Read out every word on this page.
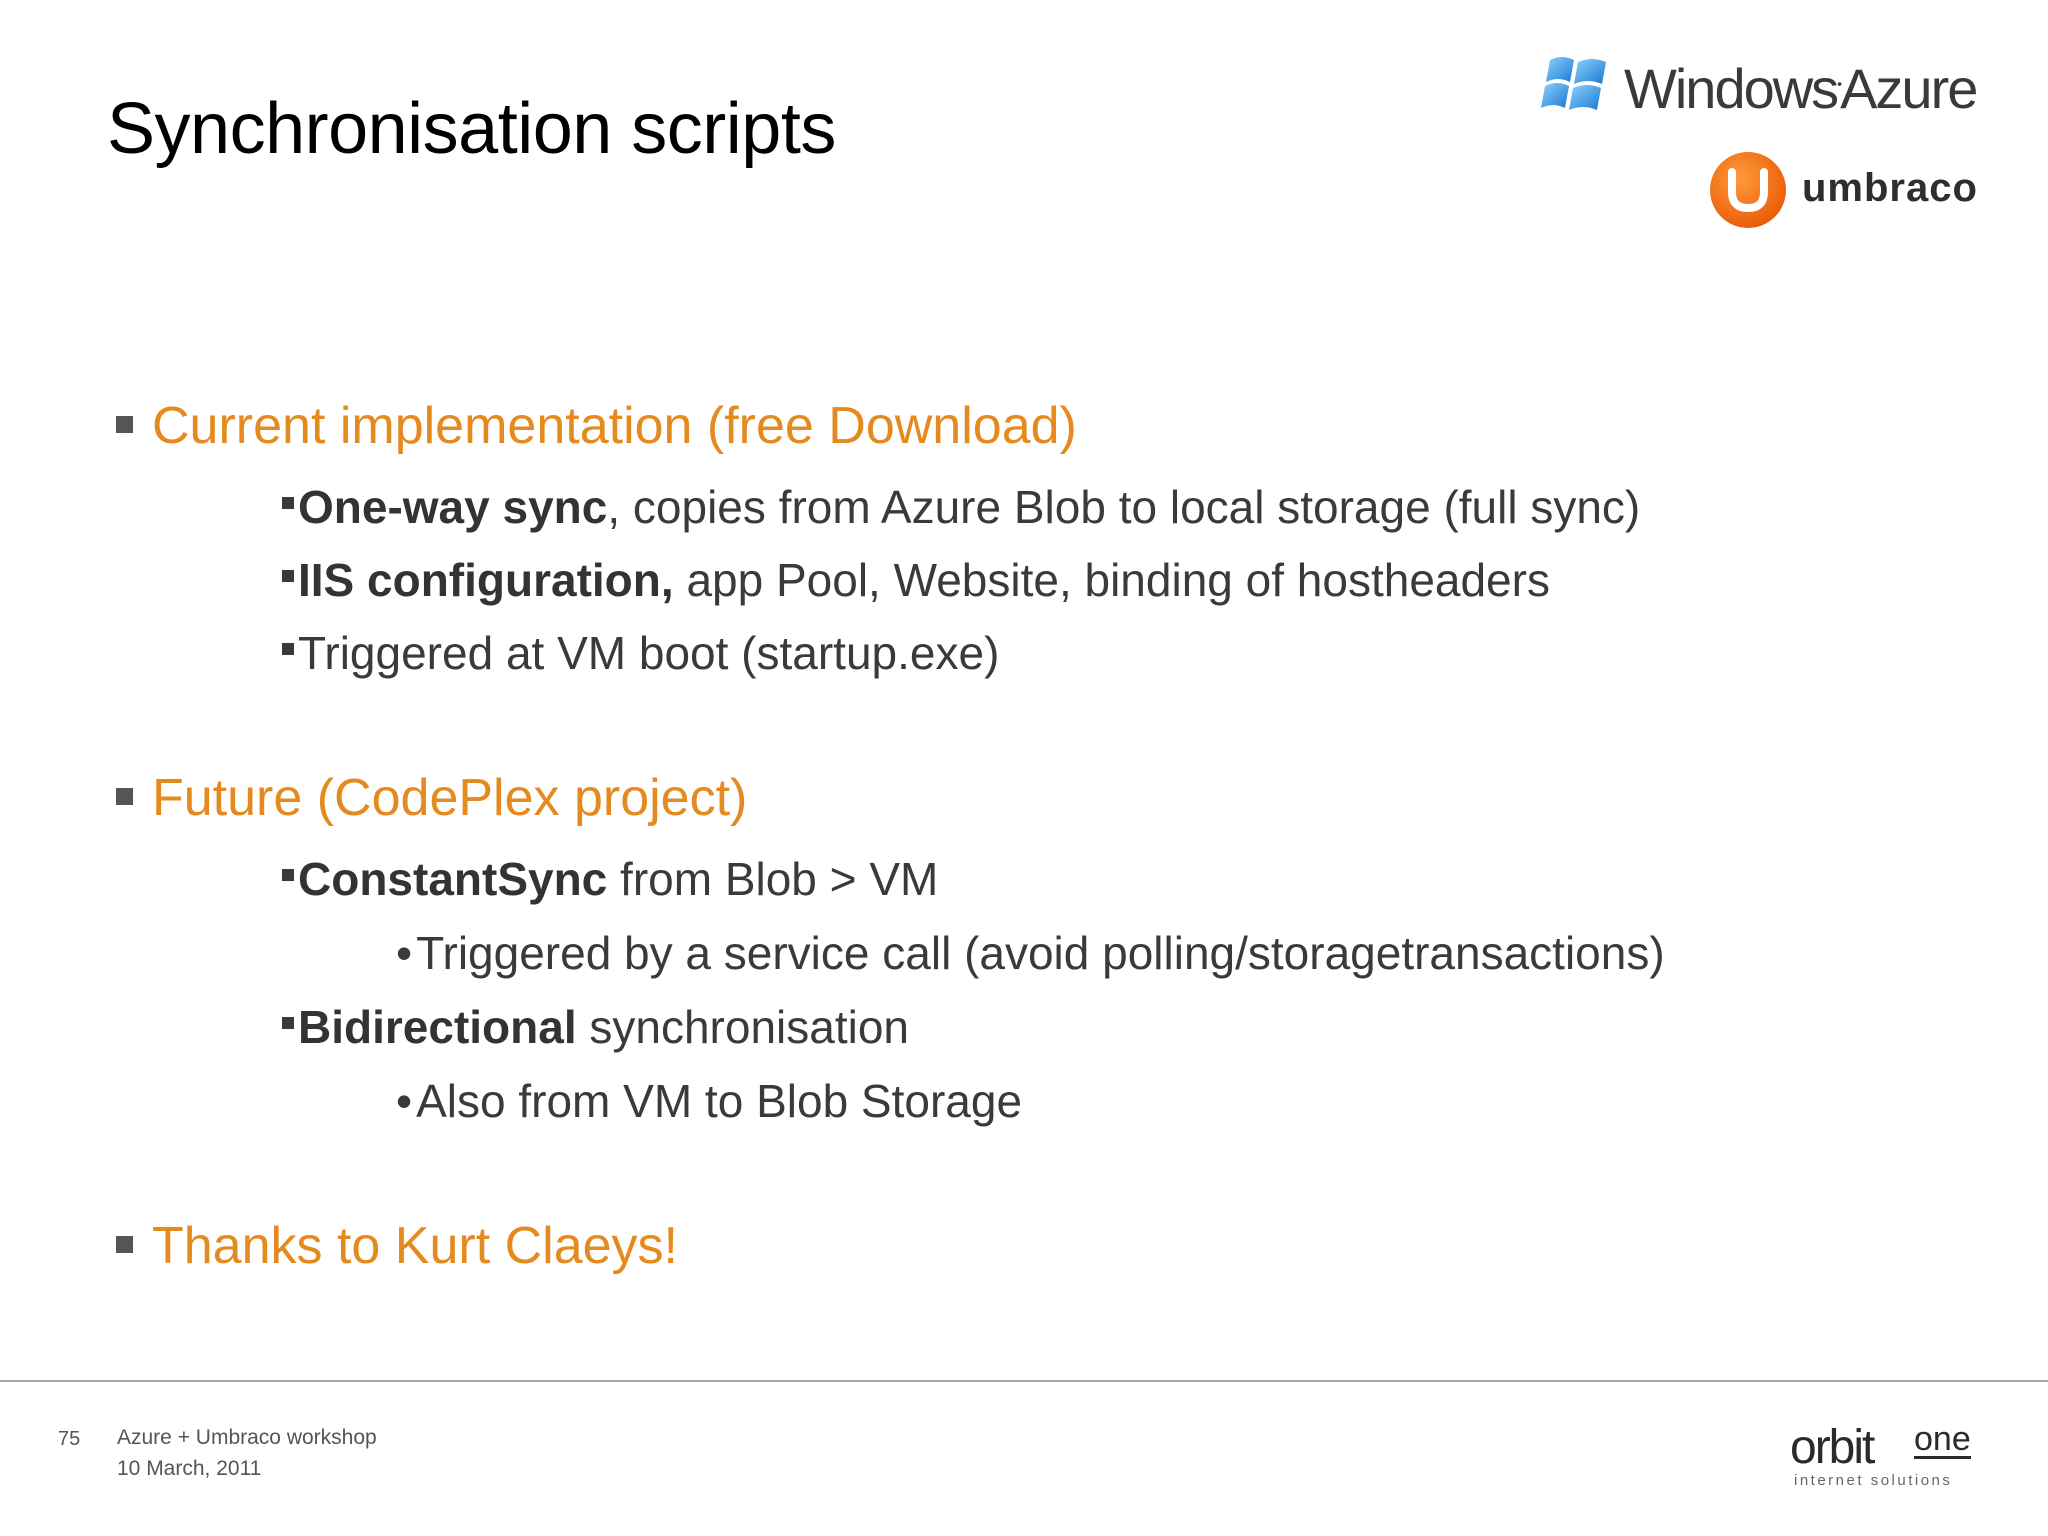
Synchronisation scripts
Windows•Azure
umbraco
Current implementation (free Download)
One-way sync, copies from Azure Blob to local storage (full sync)
IIS configuration, app Pool, Website, binding of hostheaders
Triggered at VM boot (startup.exe)
Future (CodePlex project)
ConstantSync from Blob > VM
•Triggered by a service call (avoid polling/storagetransactions)
Bidirectional synchronisation
•Also from VM to Blob Storage
Thanks to Kurt Claeys!
75 Azure + Umbraco workshop
10 March, 2011	orbit one
internet solutions
